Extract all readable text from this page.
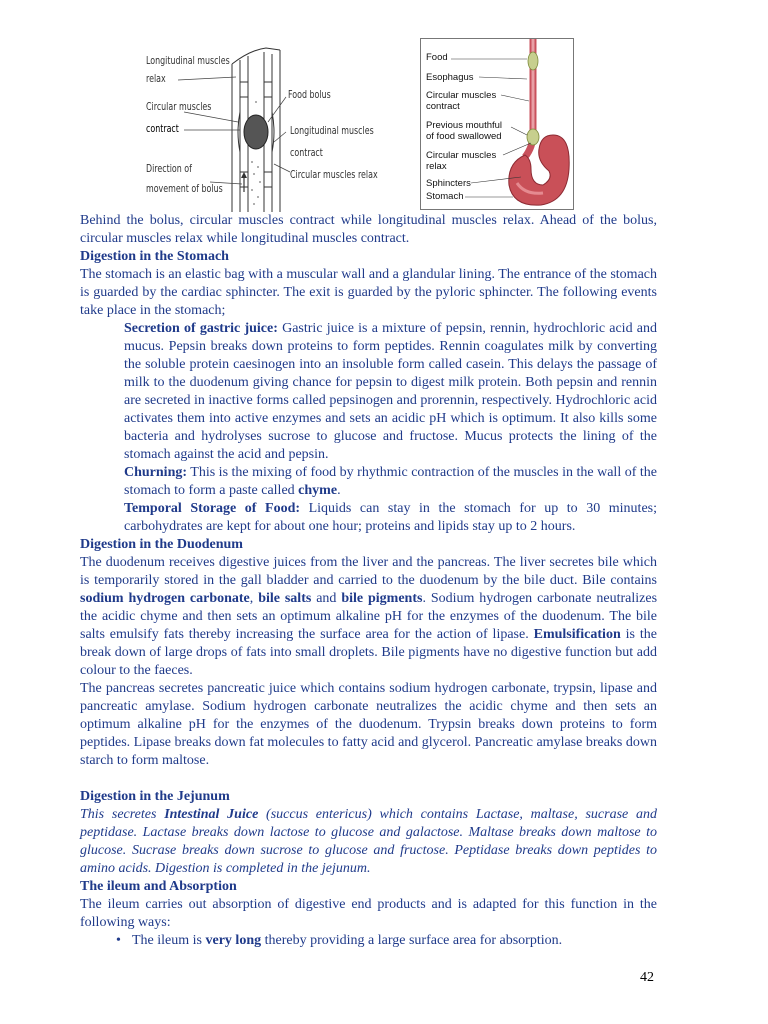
Longitudinal muscles
relax
Circular muscles
contract
Food bolus
Longitudinal muscles
contract
Direction of
movement of bolus
Circular muscles relax
Food
Esophagus
Circular muscles
contract
Previous mouthful
of food swallowed
Circular muscles
relax
Sphincters
Stomach

Behind the bolus, circular muscles contract while longitudinal muscles relax. Ahead of the bolus, circular muscles relax while longitudinal muscles contract.

Digestion in the Stomach

The stomach is an elastic bag with a muscular wall and a glandular lining. The entrance of the stomach is guarded by the cardiac sphincter. The exit is guarded by the pyloric sphincter. The following events take place in the stomach;

Secretion of gastric juice: Gastric juice is a mixture of pepsin, rennin, hydrochloric acid and mucus. Pepsin breaks down proteins to form peptides. Rennin coagulates milk by converting the soluble protein caesinogen into an insoluble form called casein. This delays the passage of milk to the duodenum giving chance for pepsin to digest milk protein. Both pepsin and rennin are secreted in inactive forms called pepsinogen and prorennin, respectively. Hydrochloric acid activates them into active enzymes and sets an acidic pH which is optimum. It also kills some bacteria and hydrolyses sucrose to glucose and fructose. Mucus protects the lining of the stomach against the acid and pepsin.

Churning: This is the mixing of food by rhythmic contraction of the muscles in the wall of the stomach to form a paste called chyme.

Temporal Storage of Food: Liquids can stay in the stomach for up to 30 minutes; carbohydrates are kept for about one hour; proteins and lipids stay up to 2 hours.

Digestion in the Duodenum

The duodenum receives digestive juices from the liver and the pancreas. The liver secretes bile which is temporarily stored in the gall bladder and carried to the duodenum by the bile duct. Bile contains sodium hydrogen carbonate, bile salts and bile pigments. Sodium hydrogen carbonate neutralizes the acidic chyme and then sets an optimum alkaline pH for the enzymes of the duodenum. The bile salts emulsify fats thereby increasing the surface area for the action of lipase. Emulsification is the break down of large drops of fats into small droplets. Bile pigments have no digestive function but add colour to the faeces.

The pancreas secretes pancreatic juice which contains sodium hydrogen carbonate, trypsin, lipase and pancreatic amylase. Sodium hydrogen carbonate neutralizes the acidic chyme and then sets an optimum alkaline pH for the enzymes of the duodenum. Trypsin breaks down proteins to form peptides. Lipase breaks down fat molecules to fatty acid and glycerol. Pancreatic amylase breaks down starch to form maltose.

Digestion in the Jejunum

This secretes Intestinal Juice (succus entericus) which contains Lactase, maltase, sucrase and peptidase. Lactase breaks down lactose to glucose and galactose. Maltase breaks down maltose to glucose. Sucrase breaks down sucrose to glucose and fructose. Peptidase breaks down peptides to amino acids. Digestion is completed in the jejunum.

The ileum and Absorption

The ileum carries out absorption of digestive end products and is adapted for this function in the following ways:

• The ileum is very long thereby providing a large surface area for absorption.

42
